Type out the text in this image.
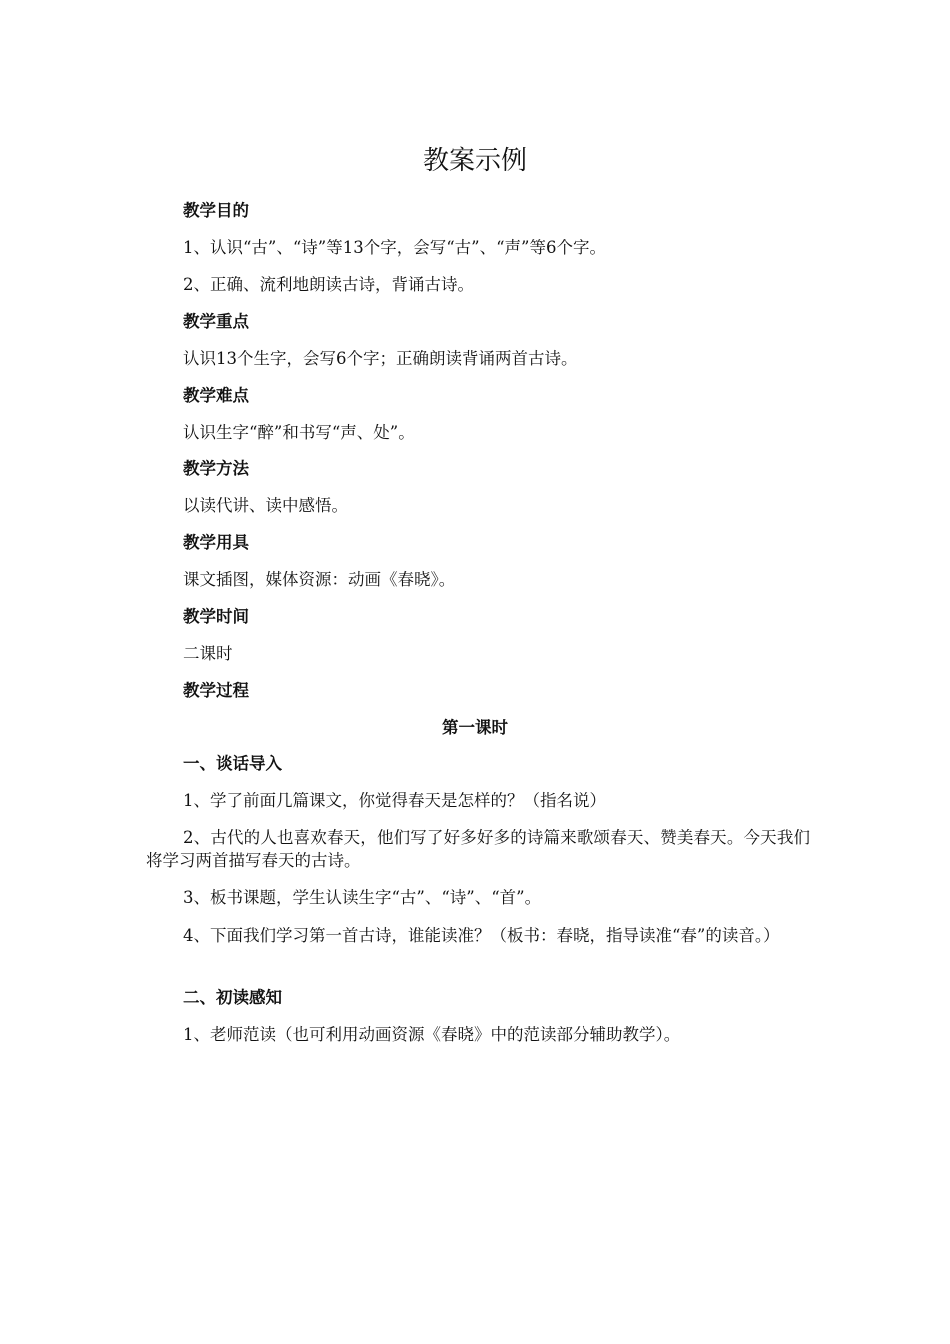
教案示例
教学目的
1、认识“古”、“诗”等13个字，会写“古”、“声”等6个字。
2、正确、流利地朗读古诗，背诵古诗。
教学重点
认识13个生字，会写6个字；正确朗读背诵两首古诗。
教学难点
认识生字“醉”和书写“声、处”。
教学方法
以读代讲、读中感悟。
教学用具
课文插图，媒体资源：动画《春晓》。
教学时间
二课时
教学过程
第一课时
一、谈话导入
1、学了前面几篇课文，你觉得春天是怎样的？（指名说）
2、古代的人也喜欢春天，他们写了好多好多的诗篇来歌颂春天、赞美春天。今天我们将学习两首描写春天的古诗。
3、板书课题，学生认读生字“古”、“诗”、“首”。
4、下面我们学习第一首古诗，谁能读准？（板书：春晓，指导读准“春”的读音。）
二、初读感知
1、老师范读（也可利用动画资源《春晓》中的范读部分辅助教学）。
